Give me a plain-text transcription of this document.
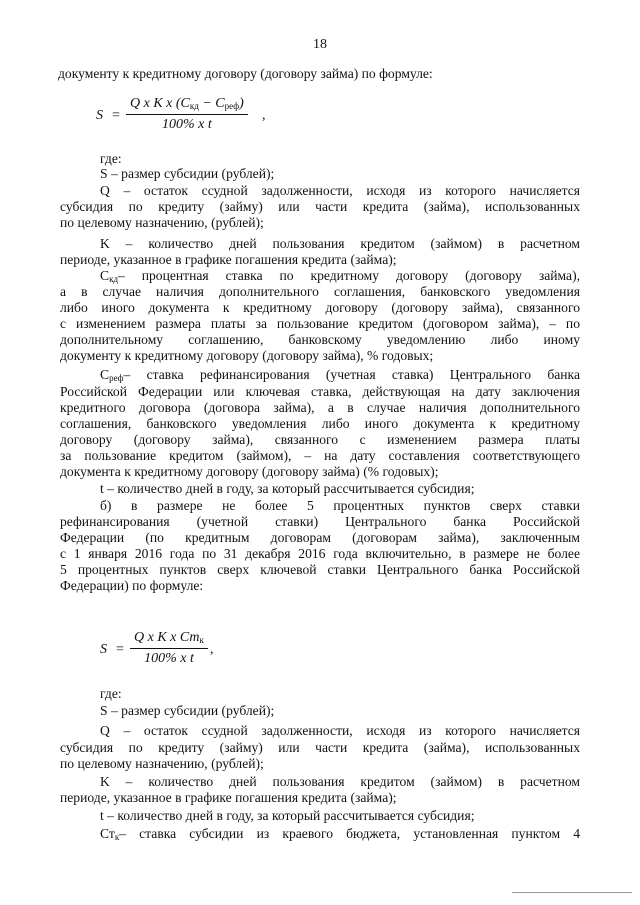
18
документу к кредитному договору (договору займа) по формуле:
S =
Q x K x $(С_{кд} - С_{реф})$
100% x t
,
где:
S – размер субсидии (рублей);
Q – остаток ссудной задолженности, исходя из которого начисляется
субсидия по кредиту (займу) или части кредита (займа), использованных
по целевому назначению, (рублей);
K – количество дней пользования кредитом (займом) в расчетном
периоде, указанное в графике погашения кредита (займа);
$С_{кд}$ – процентная ставка по кредитному договору (договору займа),
а в случае наличия дополнительного соглашения, банковского уведомления
либо иного документа к кредитному договору (договору займа), связанного
с изменением размера платы за пользование кредитом (договором займа), – по
дополнительному соглашению, банковскому уведомлению либо иному
документу к кредитному договору (договору займа), % годовых;
$С_{реф}$ – ставка рефинансирования (учетная ставка) Центрального банка
Российской Федерации или ключевая ставка, действующая на дату заключения
кредитного договора (договора займа), а в случае наличия дополнительного
соглашения, банковского уведомления либо иного документа к кредитному
договору (договору займа), связанного с изменением размера платы
за пользование кредитом (займом), – на дату составления соответствующего
документа к кредитному договору (договору займа) (% годовых);
t – количество дней в году, за который рассчитывается субсидия;
б) в размере не более 5 процентных пунктов сверх ставки
рефинансирования (учетной ставки) Центрального банка Российской
Федерации (по кредитным договорам (договорам займа), заключенным
с 1 января 2016 года по 31 декабря 2016 года включительно, в размере не более
5 процентных пунктов сверх ключевой ставки Центрального банка Российской
Федерации) по формуле:
S =
Q x K x $Ст_к$
100% x t
,
где:
S – размер субсидии (рублей);
Q – остаток ссудной задолженности, исходя из которого начисляется
субсидия по кредиту (займу) или части кредита (займа), использованных
по целевому назначению, (рублей);
K – количество дней пользования кредитом (займом) в расчетном
периоде, указанное в графике погашения кредита (займа);
t – количество дней в году, за который рассчитывается субсидия;
$Ст_к$ – ставка субсидии из краевого бюджета, установленная пунктом 4
